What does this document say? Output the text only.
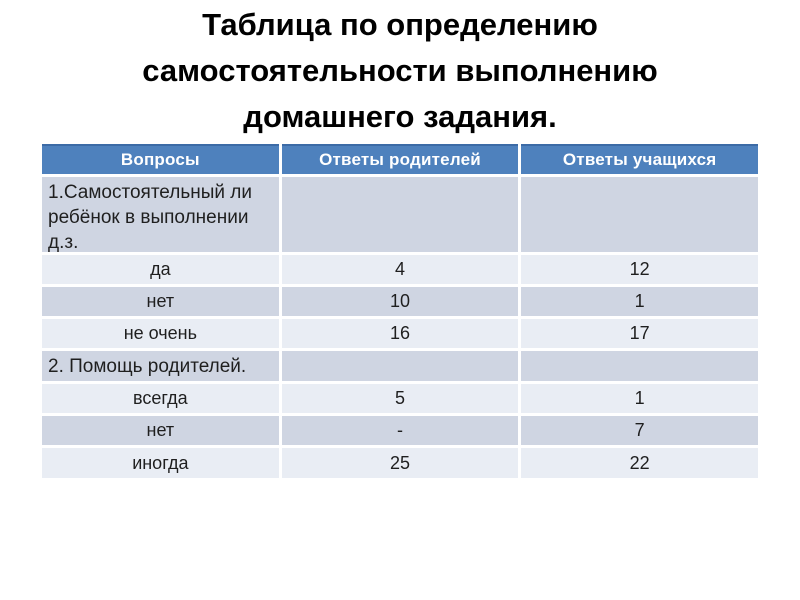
Таблица по определению
самостоятельности выполнению
домашнего задания.
Вопросы	Ответы родителей	Ответы учащихся
1.Самостоятельный ли ребёнок в выполнении д.з.
да	4	12
нет	10	1
не очень	16	17
2. Помощь родителей.
всегда	5	1
нет	-	7
иногда	25	22
